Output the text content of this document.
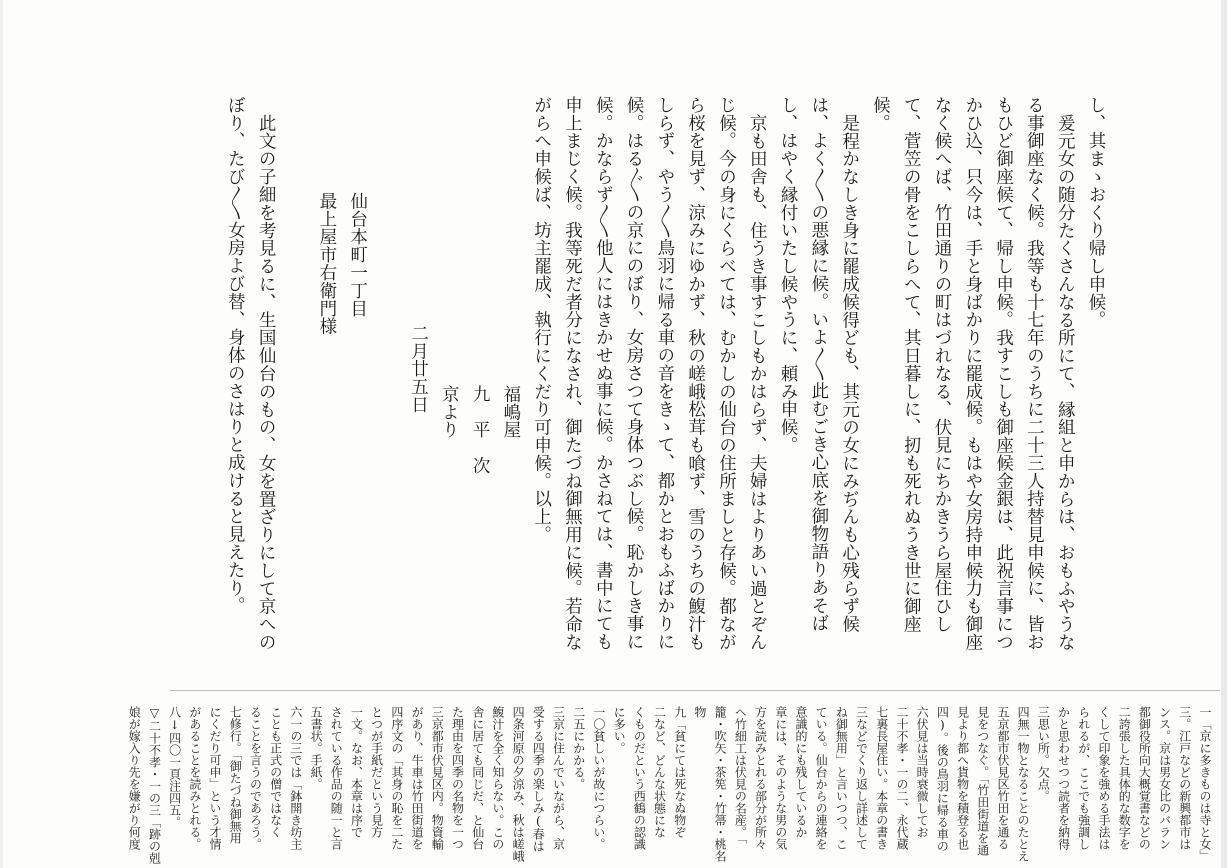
し、其まゝおくり帰し申候。

爰元女の随分たくさんなる所にて、縁組と申からは、おもふやうなる事御座なく候。我等も十七年のうちに二十三人持替見申候に、皆おもひど御座候て、帰し申候。我すこしも御座候金銀は、此祝言事につかひ込、只今は、手と身ばかりに罷成候。もはや女房持申候力も御座なく候へば、竹田通りの町はづれなる、伏見にちかきうら屋住ひして、菅笠の骨をこしらへて、其日暮しに、扨も死れぬうき世に御座候。

是程かなしき身に罷成候得ども、其元の女にみぢんも心残らず候は、よく〳〵の悪縁に候。いよ〳〵此むごき心底を御物語りあそばし、はやく縁付いたし候やうに、頼み申候。

京も田舎も、住うき事すこしもかはらず、夫婦はよりあい過とぞんじ候。今の身にくらべては、むかしの仙台の住所ましと存候。都ながら桜を見ず、涼みにゆかず、秋の嵯峨松茸も喰ず、雪のうちの鰒汁もしらず、やう〳〵鳥羽に帰る車の音をきゝて、都かとおもふばかりに候。はる〴〵の京にのぼり、女房さつて身体つぶし候。恥かしき事に候。かならず〳〵他人にはきかせぬ事に候。かさねては、書中にても申上まじく候。我等死だ者分になされ、御たづね御無用に候。若命ながらへ申候ば、坊主罷成、執行にくだり可申候。以上。

福嶋屋

九　平　次

京より

二月廿五日

仙台本町一丁目

最上屋市右衛門様

此文の子細を考見るに、生国仙台のもの、女を置ざりにして京へのぼり、たび〳〵女房よび替、身体のさはりと成けると見えたり。

一「京に多きものは寺と女」

三。江戸などの新興都市は

ンス。京は男女比のバラン

都御役所向大概覚書などの

二誇張した具体的な数字を

くして印象を強める手法は

られるが、ここでも強調し

かと思わせつつ読者を納得

三思い所。欠点。

四無一物となることのたとえ

五京都市伏見区竹田を通る

見をつなぐ。「竹田街道を通

見より都へ貨物を積登る也

四)。後の鳥羽に帰る車の

六伏見は当時衰微してお

二十不孝・一の二、永代蔵

七裏長屋住い。本章の書き

三などでくり返し詳述して

ね御無用」と言いつつ、こ

ている。仙台からの連絡を

意識的にも残しているか

章には、そのような男の気

方を読みとれる部分が所々

ヘ竹細工は伏見の名産。「

籠・吹矢・茶筅・竹箒・桃名物

九「貧にては死なぬ物ぞ

二など、どんな状態にな

くものだという西鶴の認識

に多い。

一〇貧しいが故につらい。

二五にかかる。

三京に住んでいながら、京

受する四季の楽しみ(春は

四条河原の夕涼み、秋は嵯峨

鰒汁を全く知らない。この

舎に居ても同じだ、と仙台

た理由を四季の名物を一つ

三京都市伏見区内。物資輸

があり、牛車は竹田街道を

四序文の「其身の恥を二た

とつが手紙だという見方

一文。なお、本章は序で

されている作品の随一と言

五書状。手紙。

六一の三では「鉢開き坊主

ことも正式の僧ではなく

ることを言うのであろう。

七修行。「御たづね御無用

にくだり可申」という才情

があることを読みとれる。

八↓四〇一頁注四五。

▽二十不孝・一の三「跡の剋

娘が嫁入り先を嫌がり何度
